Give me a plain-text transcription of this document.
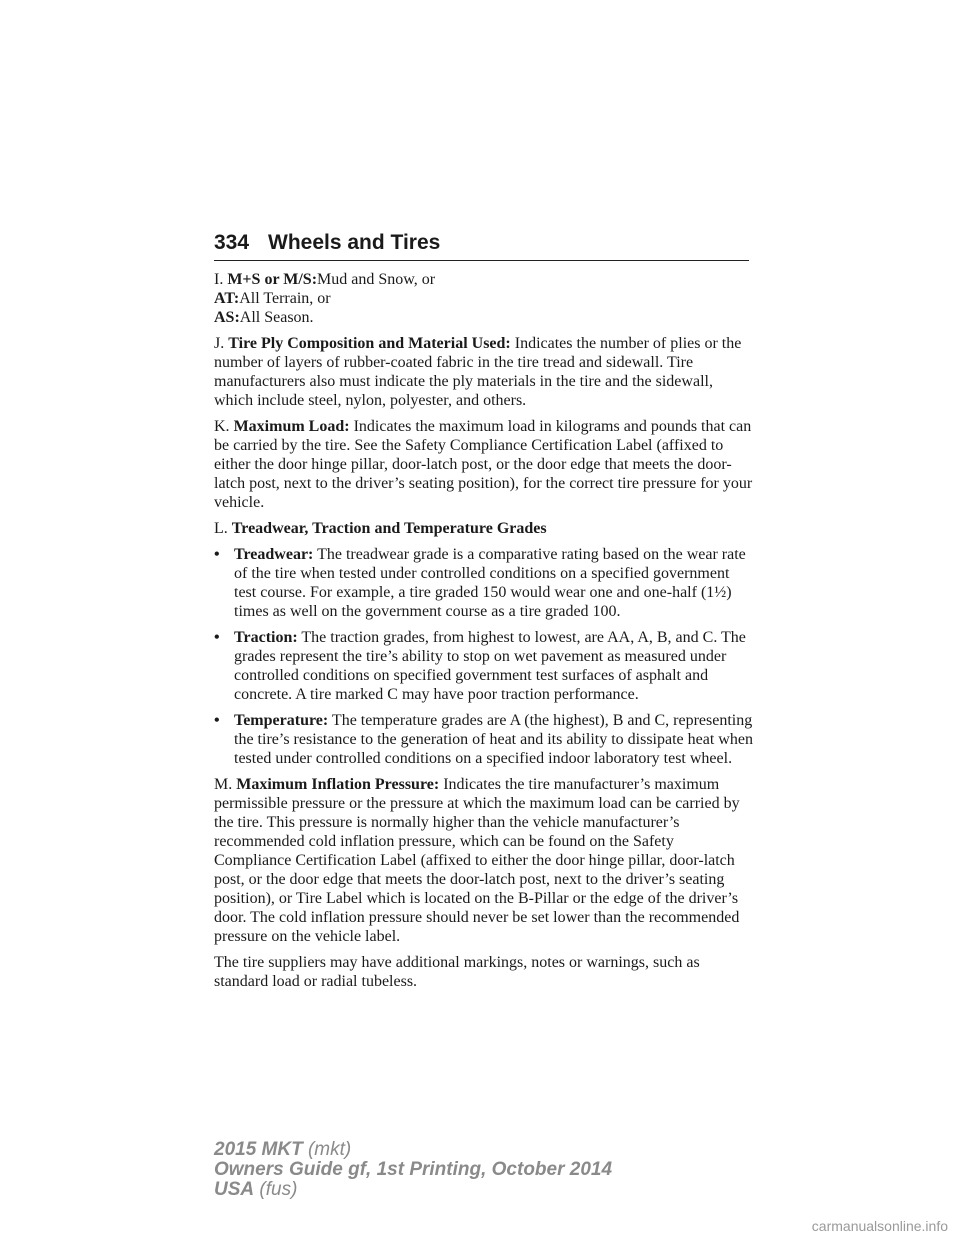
334 Wheels and Tires

I. M+S or M/S:Mud and Snow, or

AT:All Terrain, or

AS:All Season.

J. Tire Ply Composition and Material Used: Indicates the number of plies or the number of layers of rubber-coated fabric in the tire tread and sidewall. Tire manufacturers also must indicate the ply materials in the tire and the sidewall, which include steel, nylon, polyester, and others.

K. Maximum Load: Indicates the maximum load in kilograms and pounds that can be carried by the tire. See the Safety Compliance Certification Label (affixed to either the door hinge pillar, door-latch post, or the door edge that meets the door-latch post, next to the driver’s seating position), for the correct tire pressure for your vehicle.

L. Treadwear, Traction and Temperature Grades

• Treadwear: The treadwear grade is a comparative rating based on the wear rate of the tire when tested under controlled conditions on a specified government test course. For example, a tire graded 150 would wear one and one-half (1½) times as well on the government course as a tire graded 100.
• Traction: The traction grades, from highest to lowest, are AA, A, B, and C. The grades represent the tire’s ability to stop on wet pavement as measured under controlled conditions on specified government test surfaces of asphalt and concrete. A tire marked C may have poor traction performance.
• Temperature: The temperature grades are A (the highest), B and C, representing the tire’s resistance to the generation of heat and its ability to dissipate heat when tested under controlled conditions on a specified indoor laboratory test wheel.

M. Maximum Inflation Pressure: Indicates the tire manufacturer’s maximum permissible pressure or the pressure at which the maximum load can be carried by the tire. This pressure is normally higher than the vehicle manufacturer’s recommended cold inflation pressure, which can be found on the Safety Compliance Certification Label (affixed to either the door hinge pillar, door-latch post, or the door edge that meets the door-latch post, next to the driver’s seating position), or Tire Label which is located on the B-Pillar or the edge of the driver’s door. The cold inflation pressure should never be set lower than the recommended pressure on the vehicle label.

The tire suppliers may have additional markings, notes or warnings, such as standard load or radial tubeless.

2015 MKT (mkt)
Owners Guide gf, 1st Printing, October 2014
USA (fus)
carmanualsonline.info
